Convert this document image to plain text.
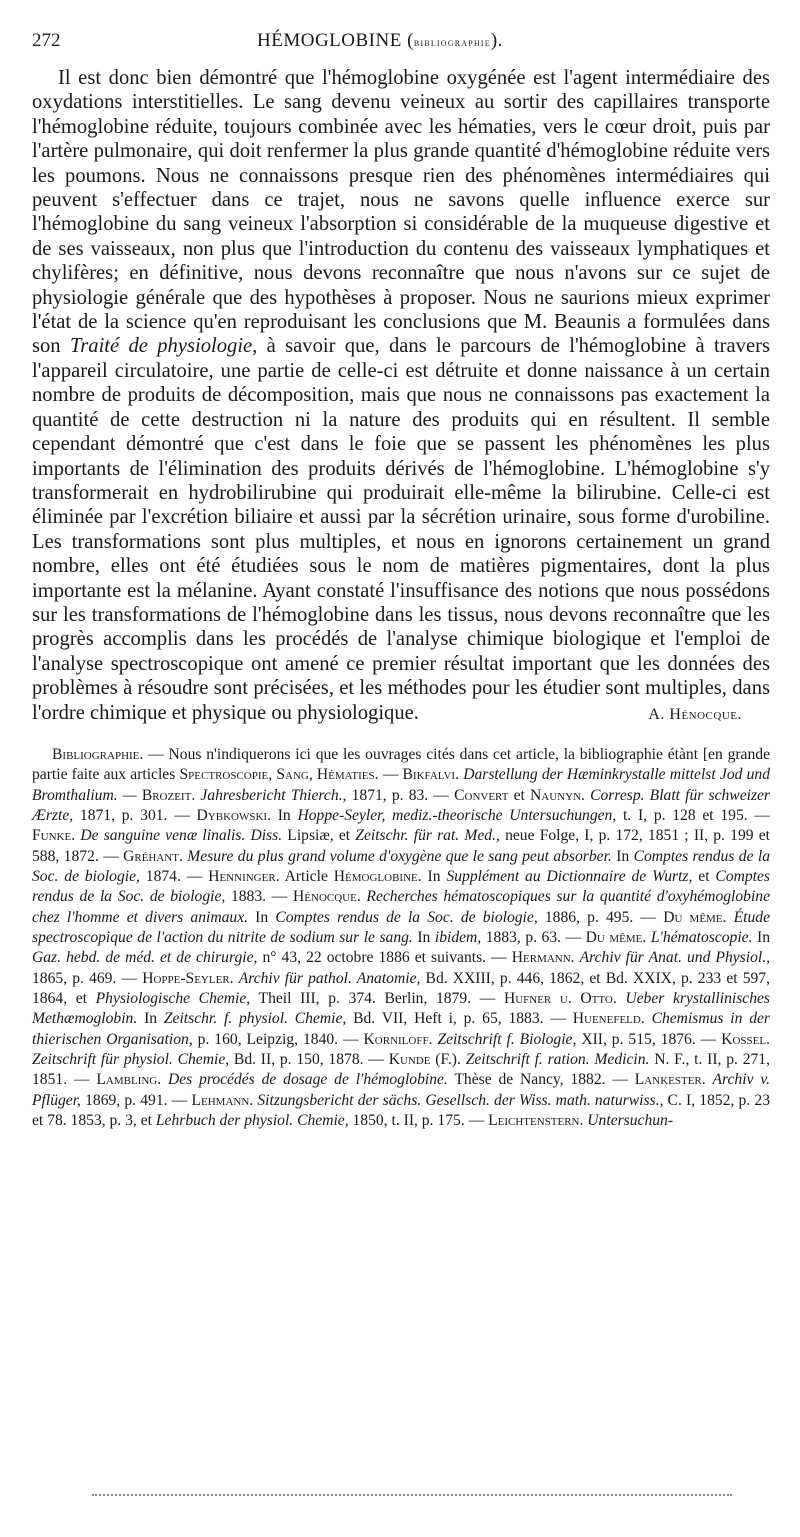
272	HÉMOGLOBINE (bibliographie).

Il est donc bien démontré que l'hémoglobine oxygénée est l'agent intermédiaire des oxydations interstitielles. Le sang devenu veineux au sortir des capillaires transporte l'hémoglobine réduite, toujours combinée avec les hématies, vers le cœur droit, puis par l'artère pulmonaire, qui doit renfermer la plus grande quantité d'hémoglobine réduite vers les poumons. Nous ne connaissons presque rien des phénomènes intermédiaires qui peuvent s'effectuer dans ce trajet, nous ne savons quelle influence exerce sur l'hémoglobine du sang veineux l'absorption si considérable de la muqueuse digestive et de ses vaisseaux, non plus que l'introduction du contenu des vaisseaux lymphatiques et chylifères; en définitive, nous devons reconnaître que nous n'avons sur ce sujet de physiologie générale que des hypothèses à proposer. Nous ne saurions mieux exprimer l'état de la science qu'en reproduisant les conclusions que M. Beaunis a formulées dans son Traité de physiologie, à savoir que, dans le parcours de l'hémoglobine à travers l'appareil circulatoire, une partie de celle-ci est détruite et donne naissance à un certain nombre de produits de décomposition, mais que nous ne connaissons pas exactement la quantité de cette destruction ni la nature des produits qui en résultent. Il semble cependant démontré que c'est dans le foie que se passent les phénomènes les plus importants de l'élimination des produits dérivés de l'hémoglobine. L'hémoglobine s'y transformerait en hydrobilirubine qui produirait elle-même la bilirubine. Celle-ci est éliminée par l'excrétion biliaire et aussi par la sécrétion urinaire, sous forme d'urobiline. Les transformations sont plus multiples, et nous en ignorons certainement un grand nombre, elles ont été étudiées sous le nom de matières pigmentaires, dont la plus importante est la mélanine. Ayant constaté l'insuffisance des notions que nous possédons sur les transformations de l'hémoglobine dans les tissus, nous devons reconnaître que les progrès accomplis dans les procédés de l'analyse chimique biologique et l'emploi de l'analyse spectroscopique ont amené ce premier résultat important que les données des problèmes à résoudre sont précisées, et les méthodes pour les étudier sont multiples, dans l'ordre chimique et physique ou physiologique.	A. Hénocque.

Bibliographie. — Nous n'indiquerons ici que les ouvrages cités dans cet article, la bibliographie étànt [en grande partie faite aux articles Spectroscopie, Sang, Hématies. — Bikfalvi. Darstellung der Hæminkrystalle mittelst Jod und Bromthalium. — Brozeit. Jahresbericht Thierch., 1871, p. 83. — Convert et Naunyn. Corresp. Blatt für schweizer Ærzte, 1871, p. 301. — Dybkowski. In Hoppe-Seyler, mediz.-theorische Untersuchungen, t. I, p. 128 et 195. — Funke. De sanguine venæ linalis. Diss. Lipsiæ, et Zeitschr. für rat. Med., neue Folge, I, p. 172, 1851 ; II, p. 199 et 588, 1872. — Gréhant. Mesure du plus grand volume d'oxygène que le sang peut absorber. In Comptes rendus de la Soc. de biologie, 1874. — Henninger. Article Hémoglobine. In Supplément au Dictionnaire de Wurtz, et Comptes rendus de la Soc. de biologie, 1883. — Hénocque. Recherches hématoscopiques sur la quantité d'oxyhémoglobine chez l'homme et divers animaux. In Comptes rendus de la Soc. de biologie, 1886, p. 495. — Du même. Étude spectroscopique de l'action du nitrite de sodium sur le sang. In ibidem, 1883, p. 63. — Du même. L'hématoscopie. In Gaz. hebd. de méd. et de chirurgie, n° 43, 22 octobre 1886 et suivants. — Hermann. Archiv für Anat. und Physiol., 1865, p. 469. — Hoppe-Seyler. Archiv für pathol. Anatomie, Bd. XXIII, p. 446, 1862, et Bd. XXIX, p. 233 et 597, 1864, et Physiologische Chemie, Theil III, p. 374. Berlin, 1879. — Hufner u. Otto. Ueber krystallinisches Methæmoglobin. In Zeitschr. f. physiol. Chemie, Bd. VII, Heft i, p. 65, 1883. — Huenefeld. Chemismus in der thierischen Organisation, p. 160, Leipzig, 1840. — Korniloff. Zeitschrift f. Biologie, XII, p. 515, 1876. — Kossel. Zeitschrift für physiol. Chemie, Bd. II, p. 150, 1878. — Kunde (F.). Zeitschrift f. ration. Medicin. N. F., t. II, p. 271, 1851. — Lambling. Des procédés de dosage de l'hémoglobine. Thèse de Nancy, 1882. — Lankester. Archiv v. Pflüger, 1869, p. 491. — Lehmann. Sitzungsbericht der sächs. Gesellsch. der Wiss. math. naturwiss., C. I, 1852, p. 23 et 78. 1853, p. 3, et Lehrbuch der physiol. Chemie, 1850, t. II, p. 175. — Leichtenstern. Untersuchun-
